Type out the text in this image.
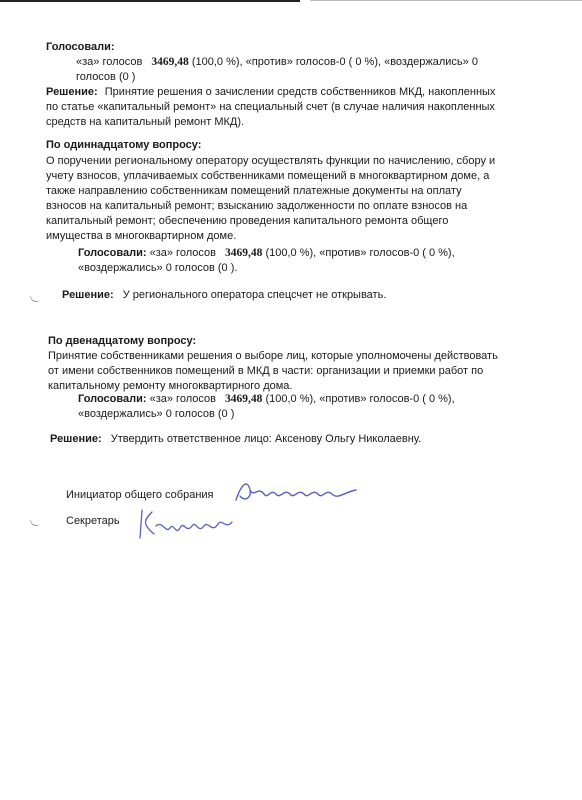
Голосовали:
«за» голосов 3469,48 (100,0 %), «против» голосов-0 ( 0 %), «воздержались» 0
голосов (0 )
Решение: Принятие решения о зачислении средств собственников МКД, накопленных
по статье «капитальный ремонт» на специальный счет (в случае наличия накопленных
средств на капитальный ремонт МКД).
По одиннадцатому вопросу:
О поручении региональному оператору осуществлять функции по начислению, сбору и
учету взносов, уплачиваемых собственниками помещений в многоквартирном доме, а
также направлению собственникам помещений платежные документы на оплату
взносов на капитальный ремонт; взысканию задолженности по оплате взносов на
капитальный ремонт; обеспечению проведения капитального ремонта общего
имущества в многоквартирном доме.
Голосовали: «за» голосов 3469,48 (100,0 %), «против» голосов-0 ( 0 %),
«воздержались» 0 голосов (0 ).
Решение: У регионального оператора спецсчет не открывать.
По двенадцатому вопросу:
Принятие собственниками решения о выборе лиц, которые уполномочены действовать
от имени собственников помещений в МКД в части: организации и приемки работ по
капитальному ремонту многоквартирного дома.
Голосовали: «за» голосов 3469,48 (100,0 %), «против» голосов-0 ( 0 %),
«воздержались» 0 голосов (0 )
Решение: Утвердить ответственное лицо: Аксенову Ольгу Николаевну.
Инициатор общего собрания
Секретарь
